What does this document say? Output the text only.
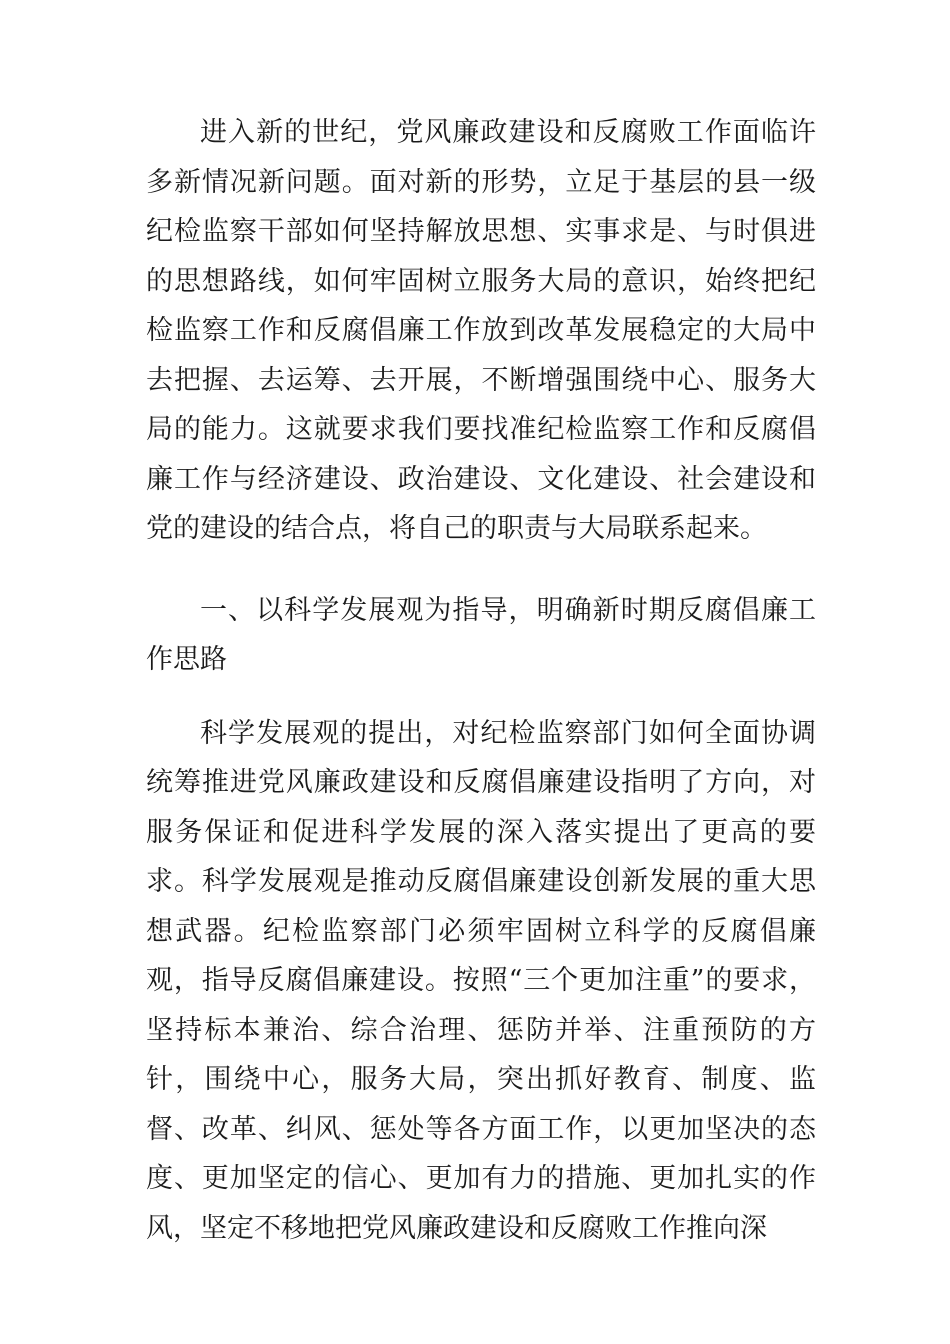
进入新的世纪，党风廉政建设和反腐败工作面临许多新情况新问题。面对新的形势，立足于基层的县一级纪检监察干部如何坚持解放思想、实事求是、与时俱进的思想路线，如何牢固树立服务大局的意识，始终把纪检监察工作和反腐倡廉工作放到改革发展稳定的大局中去把握、去运筹、去开展，不断增强围绕中心、服务大局的能力。这就要求我们要找准纪检监察工作和反腐倡廉工作与经济建设、政治建设、文化建设、社会建设和党的建设的结合点，将自己的职责与大局联系起来。

一、以科学发展观为指导，明确新时期反腐倡廉工作思路

科学发展观的提出，对纪检监察部门如何全面协调统筹推进党风廉政建设和反腐倡廉建设指明了方向，对服务保证和促进科学发展的深入落实提出了更高的要求。科学发展观是推动反腐倡廉建设创新发展的重大思想武器。纪检监察部门必须牢固树立科学的反腐倡廉观，指导反腐倡廉建设。按照“三个更加注重”的要求，坚持标本兼治、综合治理、惩防并举、注重预防的方针，围绕中心，服务大局，突出抓好教育、制度、监督、改革、纠风、惩处等各方面工作，以更加坚决的态度、更加坚定的信心、更加有力的措施、更加扎实的作风，坚定不移地把党风廉政建设和反腐败工作推向深
